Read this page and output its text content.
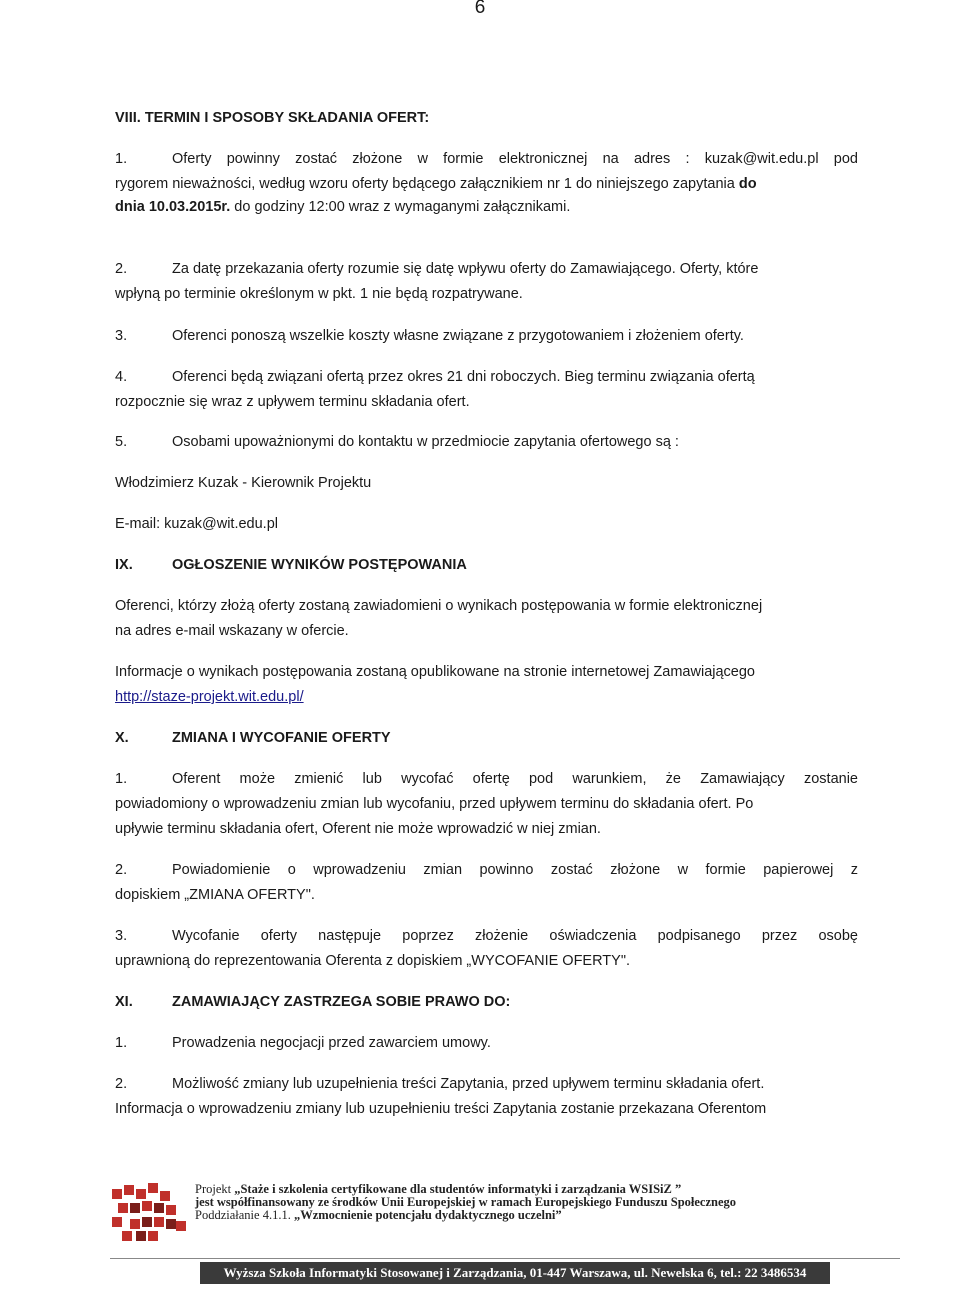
6
VIII. TERMIN I SPOSOBY SKŁADANIA OFERT:
1.	Oferty powinny zostać złożone w formie elektronicznej na adres : kuzak@wit.edu.pl pod
rygorem nieważności, według wzoru oferty będącego załącznikiem nr 1 do niniejszego zapytania do
dnia 10.03.2015r. do godziny 12:00 wraz z wymaganymi załącznikami.
2.	Za datę przekazania oferty rozumie się datę wpływu oferty do Zamawiającego. Oferty, które
wpłyną po terminie określonym w pkt. 1 nie będą rozpatrywane.
3.	Oferenci ponoszą wszelkie koszty własne związane z przygotowaniem i złożeniem oferty.
4.	Oferenci będą związani ofertą przez okres 21 dni roboczych. Bieg terminu związania ofertą
rozpocznie się wraz z upływem terminu składania ofert.
5.	Osobami upoważnionymi do kontaktu w przedmiocie zapytania ofertowego są :
Włodzimierz Kuzak - Kierownik Projektu
E-mail: kuzak@wit.edu.pl
IX.	OGŁOSZENIE WYNIKÓW POSTĘPOWANIA
Oferenci, którzy złożą oferty zostaną zawiadomieni o wynikach postępowania w formie elektronicznej
na adres e-mail wskazany w ofercie.
Informacje o wynikach postępowania zostaną opublikowane na stronie internetowej Zamawiającego
http://staze-projekt.wit.edu.pl/
X.	ZMIANA I WYCOFANIE OFERTY
1.	Oferent może zmienić lub wycofać ofertę pod warunkiem, że Zamawiający zostanie
powiadomiony o wprowadzeniu zmian lub wycofaniu, przed upływem terminu do składania ofert. Po
upływie terminu składania ofert, Oferent nie może wprowadzić w niej zmian.
2.	Powiadomienie o wprowadzeniu zmian powinno zostać złożone w formie papierowej z
dopiskiem „ZMIANA OFERTY".
3.	Wycofanie oferty następuje poprzez złożenie oświadczenia podpisanego przez osobę
uprawnioną do reprezentowania Oferenta z dopiskiem „WYCOFANIE OFERTY".
XI.	ZAMAWIAJĄCY ZASTRZEGA SOBIE PRAWO DO:
1.	Prowadzenia negocjacji przed zawarciem umowy.
2.	Możliwość zmiany lub uzupełnienia treści Zapytania, przed upływem terminu składania ofert.
Informacja o wprowadzeniu zmiany lub uzupełnieniu treści Zapytania zostanie przekazana Oferentom
Projekt „Staże i szkolenia certyfikowane dla studentów informatyki i zarządzania WSISiZ ”
jest współfinansowany ze środków Unii Europejskiej w ramach Europejskiego Funduszu Społecznego
Poddziałanie 4.1.1. „Wzmocnienie potencjału dydaktycznego uczelni”
Wyższa Szkoła Informatyki Stosowanej i Zarządzania, 01-447 Warszawa, ul. Newelska 6, tel.: 22 3486534
